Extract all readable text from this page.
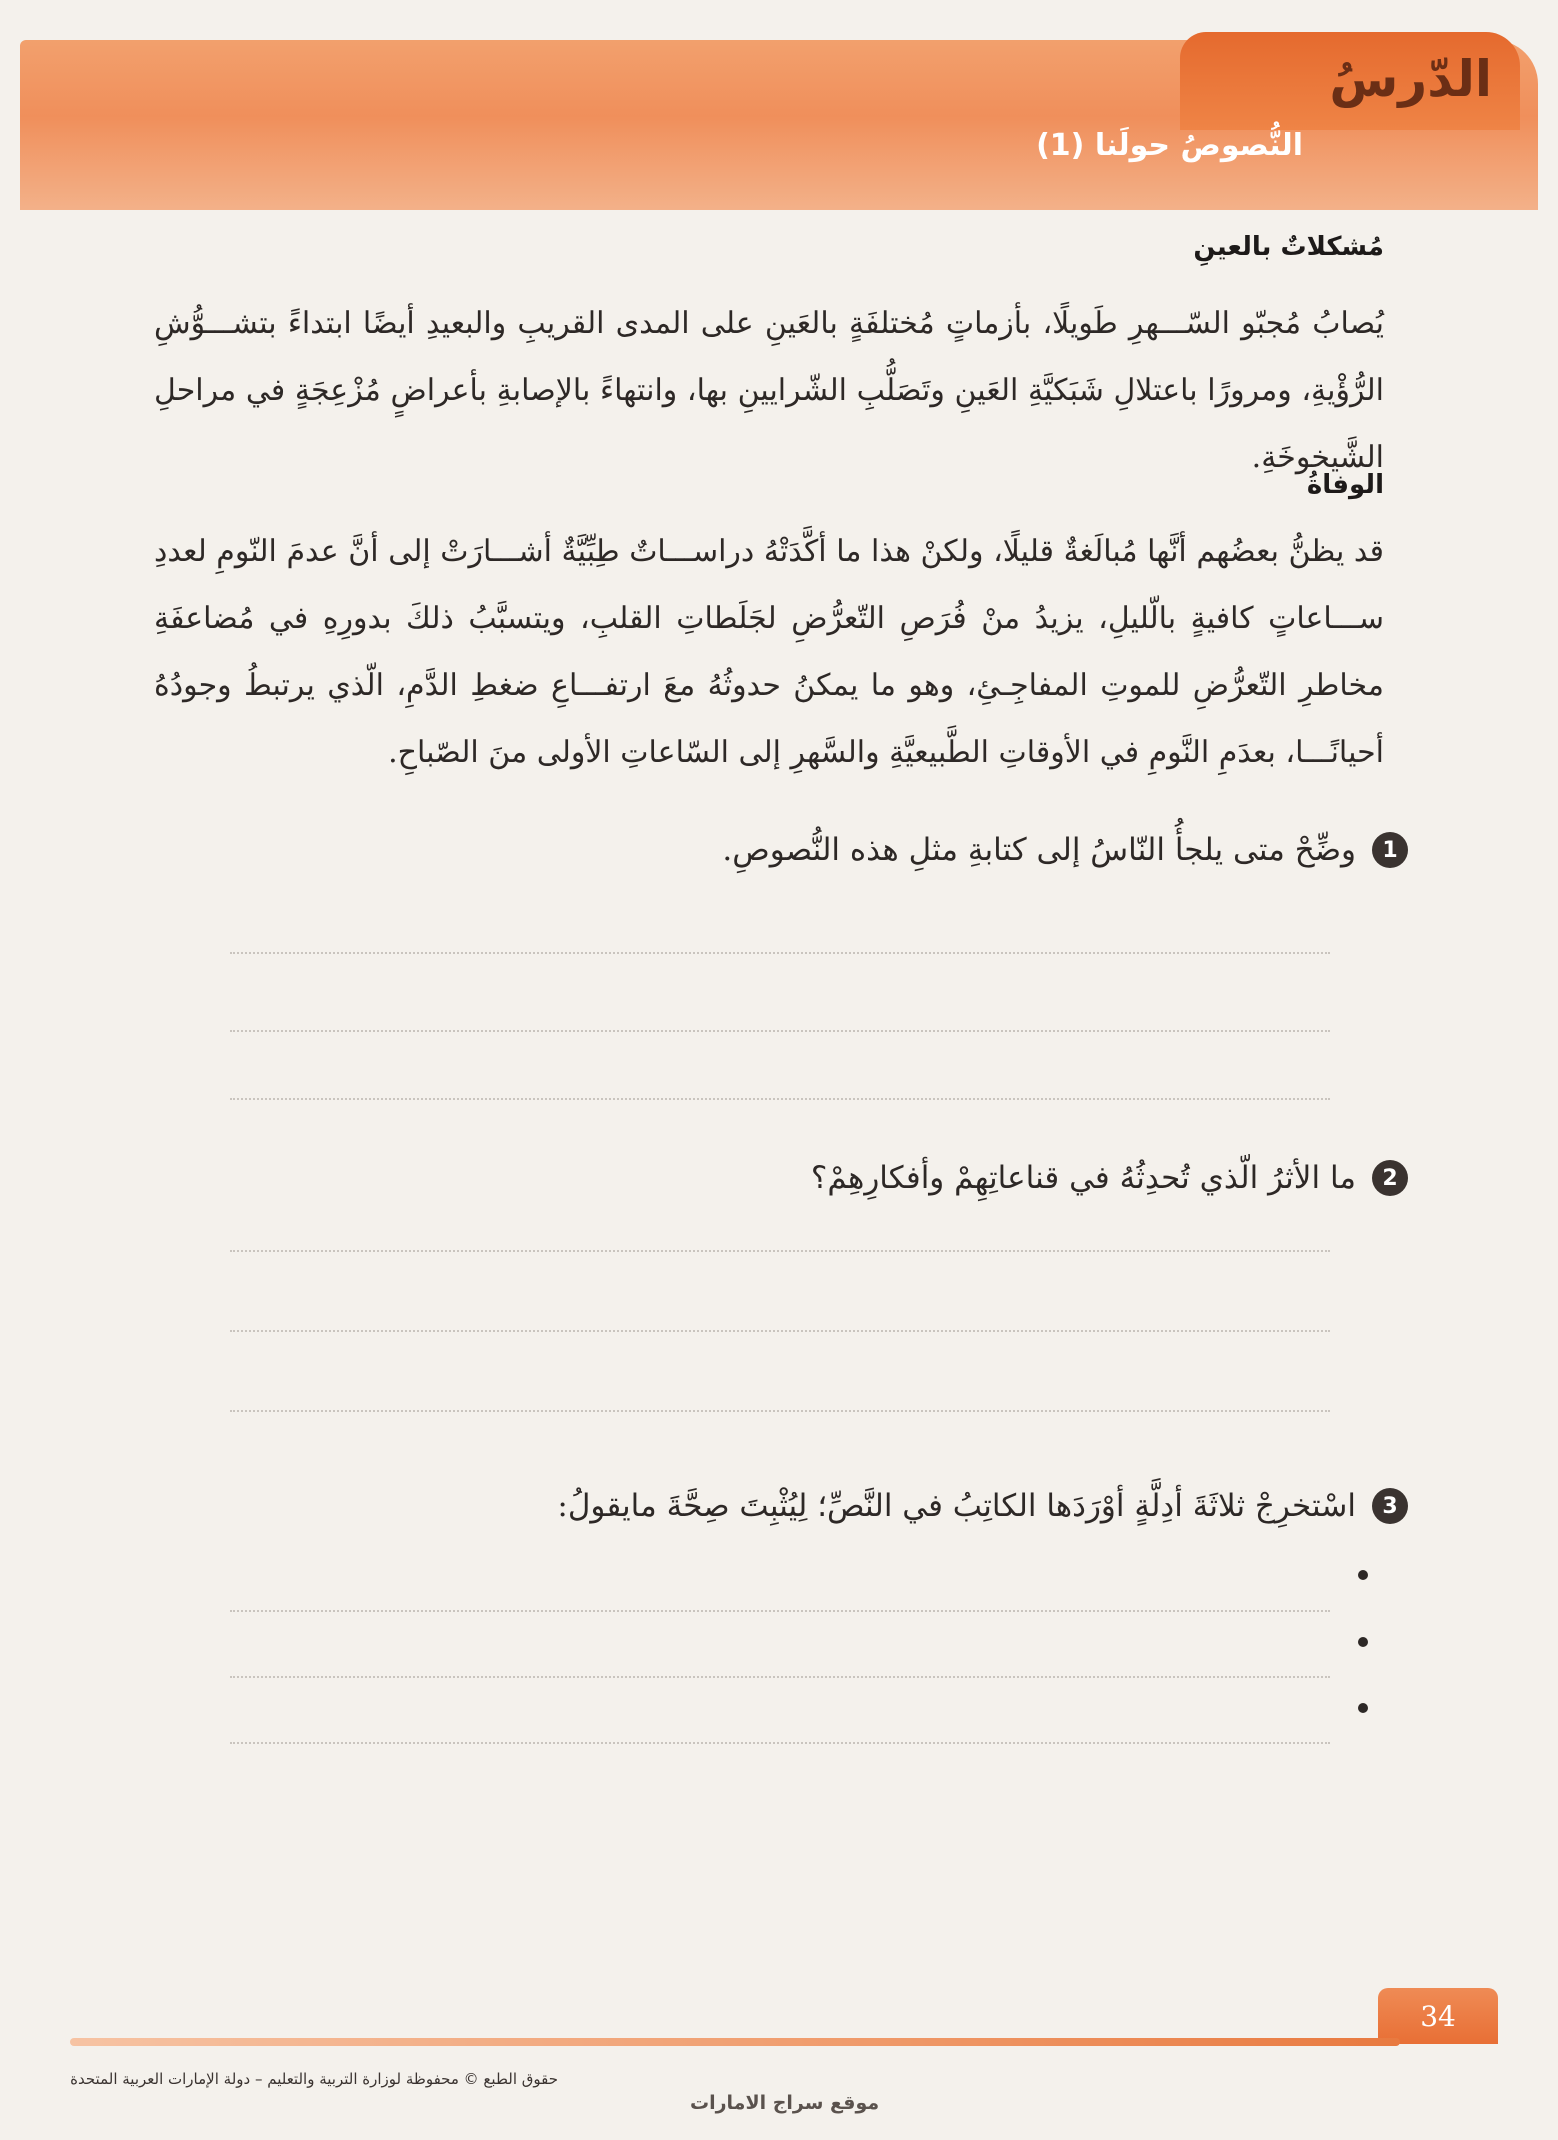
الدّرسُ
النُّصوصُ حولَنا (1)
مُشكلاتٌ بالعينِ
يُصابُ مُجبّو السّـــهرِ طَويلًا، بأزماتٍ مُختلفَةٍ بالعَينِ على المدى القريبِ والبعيدِ أيضًا ابتداءً بتشـــوُّشِ الرُّؤْيةِ، ومرورًا باعتلالِ شَبَكيَّةِ العَينِ وتَصَلُّبِ الشّرايينِ بها، وانتهاءً بالإصابةِ بأعراضٍ مُزْعِجَةٍ في مراحلِ الشَّيخوخَةِ.
الوفاةُ
قد يظنُّ بعضُهم أنَّها مُبالَغةٌ قليلًا، ولكنْ هذا ما أكَّدَتْهُ دراســـاتٌ طِبِّيَّةٌ أشـــارَتْ إلى أنَّ عدمَ النّومِ لعددِ ســـاعاتٍ كافيةٍ بالّليلِ، يزيدُ منْ فُرَصِ التّعرُّضِ لجَلَطاتِ القلبِ، ويتسبَّبُ ذلكَ بدورِهِ في مُضاعفَةِ مخاطرِ التّعرُّضِ للموتِ المفاجِـئِ، وهو ما يمكنُ حدوثُهُ معَ ارتفـــاعِ ضغطِ الدَّمِ، الّذي يرتبطُ وجودُهُ أحيانًـــا، بعدَمِ النَّومِ في الأوقاتِ الطَّبيعيَّةِ والسَّهرِ إلى السّاعاتِ الأولى منَ الصّباحِ.
1
وضِّحْ متى يلجأُ النّاسُ إلى كتابةِ مثلِ هذه النُّصوصِ.
2
ما الأثرُ الّذي تُحدِثُهُ في قناعاتِهِمْ وأفكارِهِمْ؟
3
اسْتخرِجْ ثلاثَةَ أدِلَّةٍ أوْرَدَها الكاتِبُ في النَّصِّ؛ لِيُثْبِتَ صِحَّةَ مايقولُ:
34
حقوق الطبع © محفوظة لوزارة التربية والتعليم – دولة الإمارات العربية المتحدة
موقع سراج الامارات
